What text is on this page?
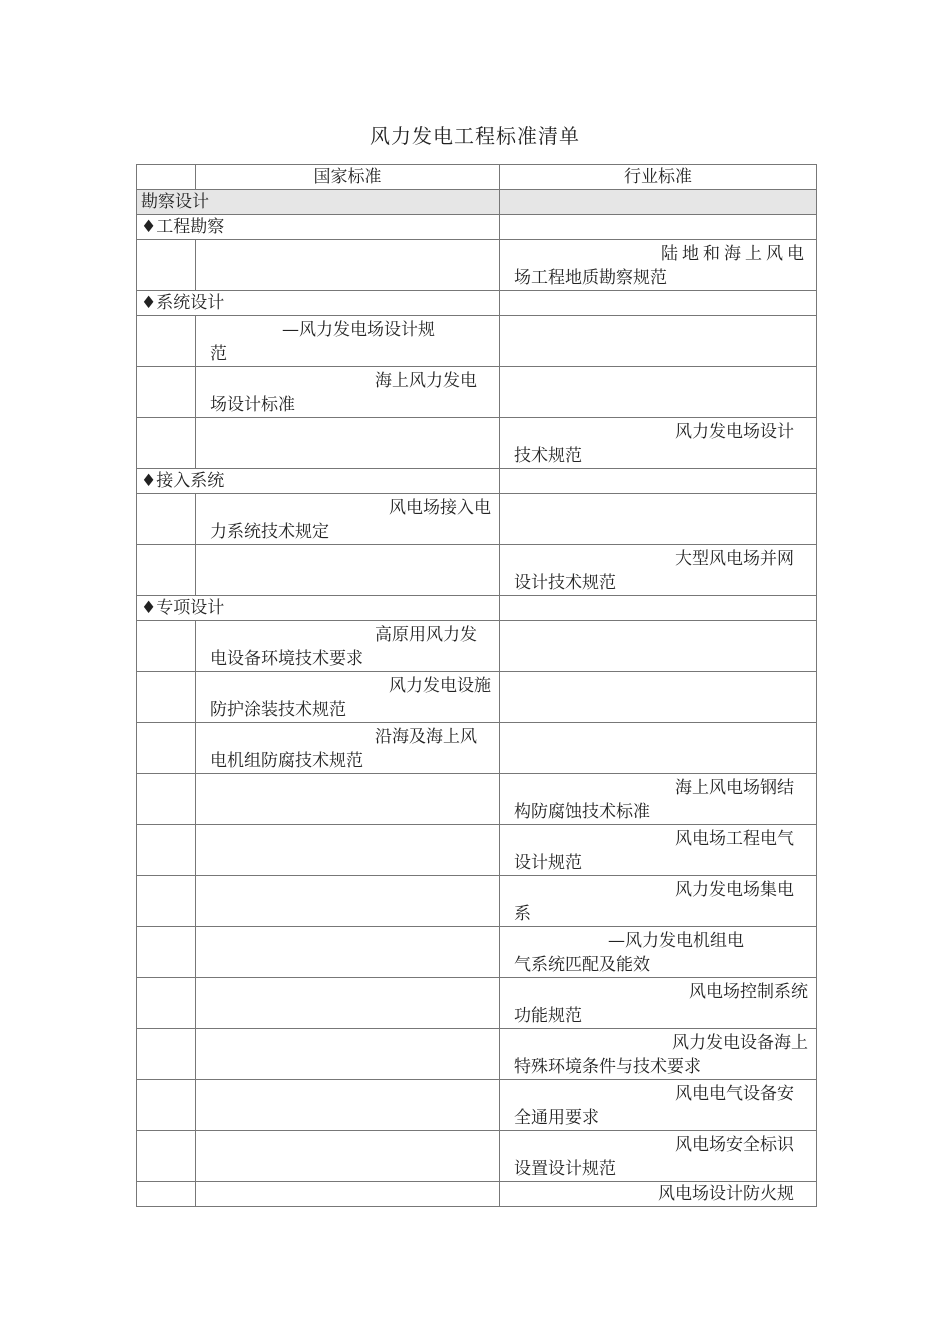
风力发电工程标准清单
	国家标准	行业标准
勘察设计		
♦工程勘察		

		陆地和海上风电
场工程地质勘察规范

♦系统设计		

	—风力发电场设计规
范	

	海上风力发电
场设计标准	

		风力发电场设计
技术规范

♦接入系统		

	风电场接入电
力系统技术规定	

		大型风电场并网
设计技术规范

♦专项设计		

	高原用风力发
电设备环境技术要求	

	风力发电设施
防护涂装技术规范	

	沿海及海上风
电机组防腐技术规范	

		海上风电场钢结
构防腐蚀技术标准

		风电场工程电气
设计规范

		风力发电场集电
系

		—风力发电机组电
气系统匹配及能效

		风电场控制系统
功能规范

		风力发电设备海上
特殊环境条件与技术要求

		风电电气设备安
全通用要求

		风电场安全标识
设置设计规范

		风电场设计防火规
